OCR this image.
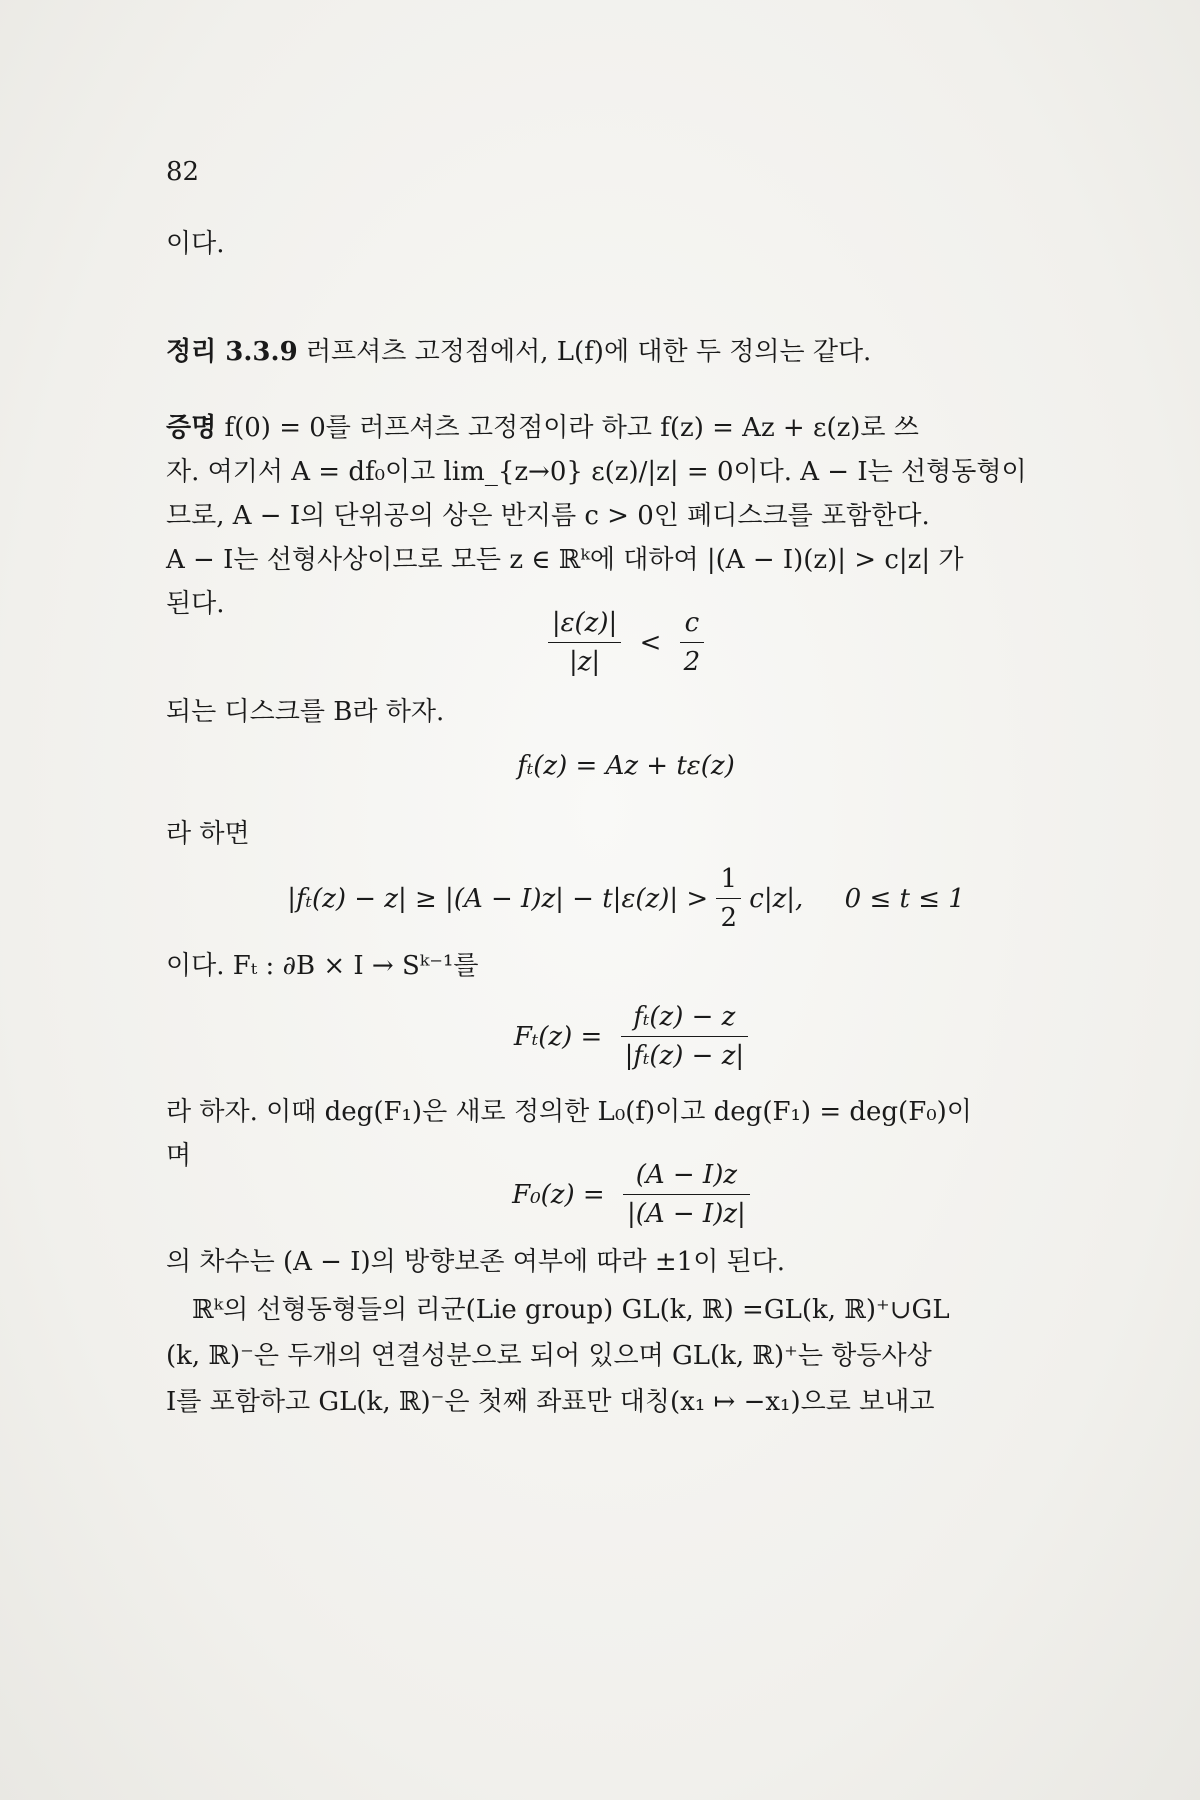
82
이다.
정리 3.3.9 러프셔츠 고정점에서, L(f)에 대한 두 정의는 같다.
증명 f(0) = 0를 러프셔츠 고정점이라 하고 f(z) = Az + ε(z)로 쓰
자. 여기서 A = df₀이고 lim_{z→0} ε(z)/|z| = 0이다. A − I는 선형동형이
므로, A − I의 단위공의 상은 반지름 c > 0인 폐디스크를 포함한다.
A − I는 선형사상이므로 모든 z ∈ ℝᵏ에 대하여 |(A − I)(z)| > c|z| 가
된다.	$\frac{|\varepsilon(z)|}{|z|} < \frac{c}{2}$
되는 디스크를 B라 하자.
fₜ(z) = Az + tε(z)
라 하면
$|f_t(z) - z| \ge |(A - I)z| - t|\varepsilon(z)| > \frac{1}{2} c|z|$,     0 ≤ t ≤ 1
이다. Fₜ : ∂B × I → Sᵏ⁻¹를
$F_t(z) = \frac{\text{fₜ(z) − z}}{\text{|fₜ(z) − z|}}$
라 하자. 이때 deg(F₁)은 새로 정의한 L₀(f)이고 deg(F₁) = deg(F₀)이
며
$F_0(z) = \frac{(A - I)z}{|(A - I)z|}$
의 차수는 (A − I)의 방향보존 여부에 따라 ±1이 된다.
ℝᵏ의 선형동형들의 리군(Lie group) GL(k, ℝ) =GL(k, ℝ)⁺∪GL
(k, ℝ)⁻은 두개의 연결성분으로 되어 있으며 GL(k, ℝ)⁺는 항등사상
I를 포함하고 GL(k, ℝ)⁻은 첫째 좌표만 대칭(x₁ ↦ −x₁)으로 보내고
